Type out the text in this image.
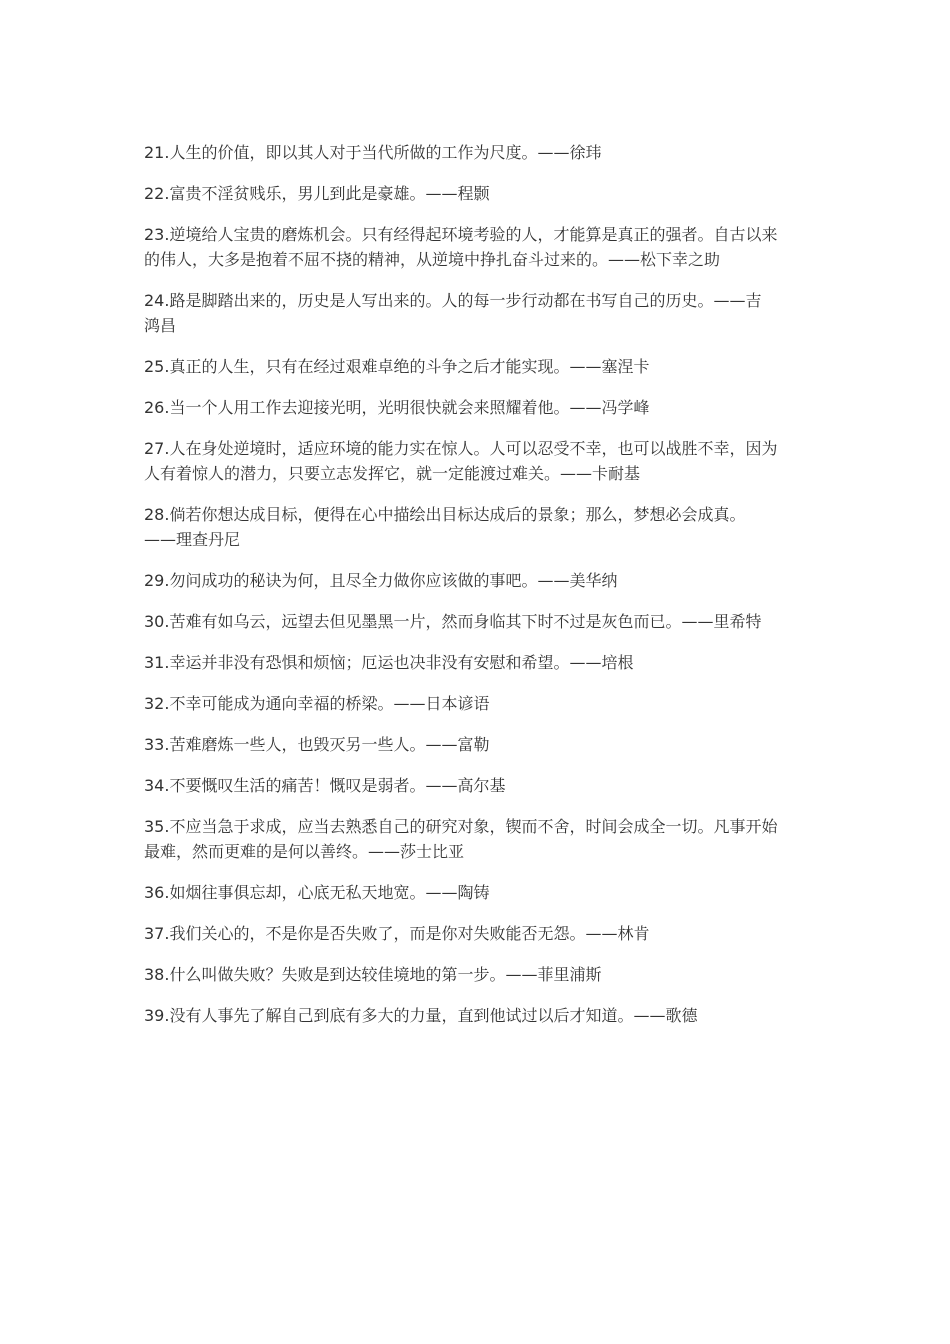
21.人生的价值，即以其人对于当代所做的工作为尺度。——徐玮

22.富贵不淫贫贱乐，男儿到此是豪雄。——程颢

23.逆境给人宝贵的磨炼机会。只有经得起环境考验的人，才能算是真正的强者。自古以来
的伟人，大多是抱着不屈不挠的精神，从逆境中挣扎奋斗过来的。——松下幸之助

24.路是脚踏出来的，历史是人写出来的。人的每一步行动都在书写自己的历史。——吉
鸿昌

25.真正的人生，只有在经过艰难卓绝的斗争之后才能实现。——塞涅卡

26.当一个人用工作去迎接光明，光明很快就会来照耀着他。——冯学峰

27.人在身处逆境时，适应环境的能力实在惊人。人可以忍受不幸，也可以战胜不幸，因为
人有着惊人的潜力，只要立志发挥它，就一定能渡过难关。——卡耐基

28.倘若你想达成目标，便得在心中描绘出目标达成后的景象；那么，梦想必会成真。
——理查丹尼

29.勿问成功的秘诀为何，且尽全力做你应该做的事吧。——美华纳

30.苦难有如乌云，远望去但见墨黑一片，然而身临其下时不过是灰色而已。——里希特

31.幸运并非没有恐惧和烦恼；厄运也决非没有安慰和希望。——培根

32.不幸可能成为通向幸福的桥梁。——日本谚语

33.苦难磨炼一些人，也毁灭另一些人。——富勒

34.不要慨叹生活的痛苦！慨叹是弱者。——高尔基

35.不应当急于求成，应当去熟悉自己的研究对象，锲而不舍，时间会成全一切。凡事开始
最难，然而更难的是何以善终。——莎士比亚

36.如烟往事俱忘却，心底无私天地宽。——陶铸

37.我们关心的，不是你是否失败了，而是你对失败能否无怨。——林肯

38.什么叫做失败？失败是到达较佳境地的第一步。——菲里浦斯

39.没有人事先了解自己到底有多大的力量，直到他试过以后才知道。——歌德
